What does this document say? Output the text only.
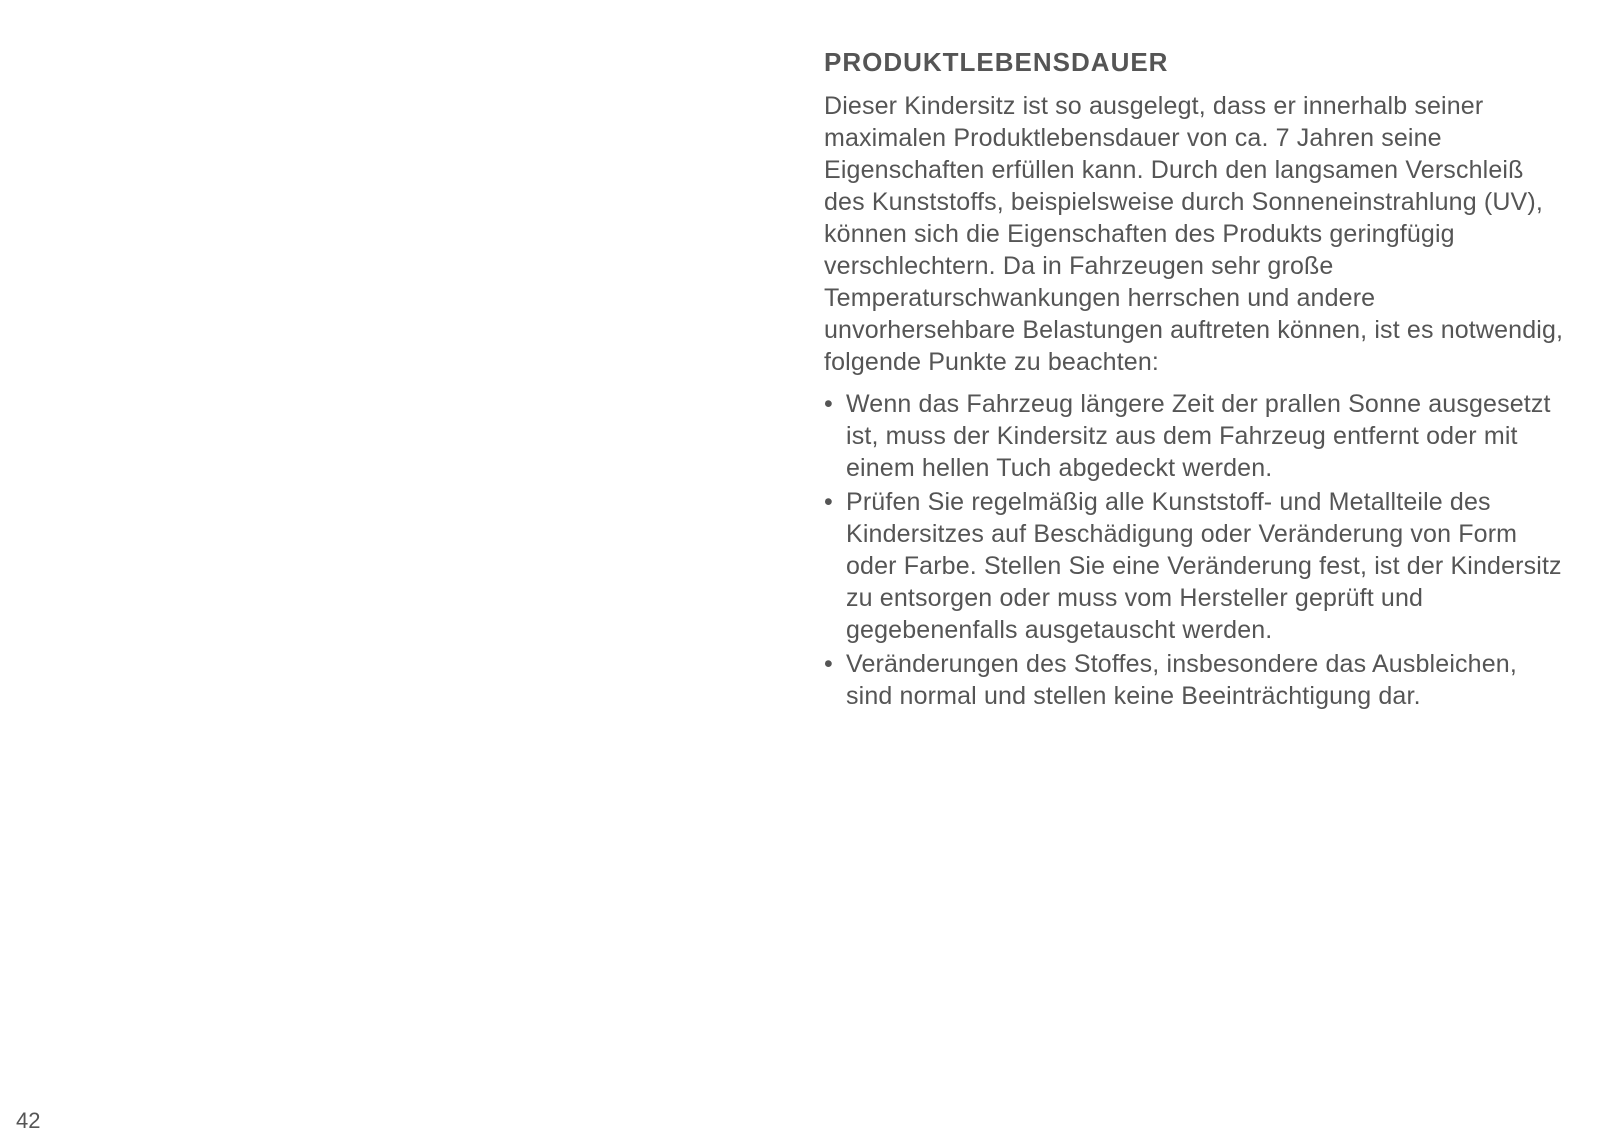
PRODUKTLEBENSDAUER

Dieser Kindersitz ist so ausgelegt, dass er innerhalb seiner maximalen Produktlebensdauer von ca. 7 Jahren seine Eigenschaften erfüllen kann. Durch den langsamen Verschleiß des Kunststoffs, beispielsweise durch Sonneneinstrahlung (UV), können sich die Eigenschaften des Produkts geringfügig verschlechtern. Da in Fahrzeugen sehr große Temperaturschwankungen herrschen und andere unvorhersehbare Belastungen auftreten können, ist es notwendig, folgende Punkte zu beachten:

• Wenn das Fahrzeug längere Zeit der prallen Sonne ausgesetzt ist, muss der Kindersitz aus dem Fahrzeug entfernt oder mit einem hellen Tuch abgedeckt werden.
• Prüfen Sie regelmäßig alle Kunststoff- und Metallteile des Kindersitzes auf Beschädigung oder Veränderung von Form oder Farbe. Stellen Sie eine Veränderung fest, ist der Kindersitz zu entsorgen oder muss vom Hersteller geprüft und gegebenenfalls ausgetauscht werden.
• Veränderungen des Stoffes, insbesondere das Ausbleichen, sind normal und stellen keine Beeinträchtigung dar.
42
